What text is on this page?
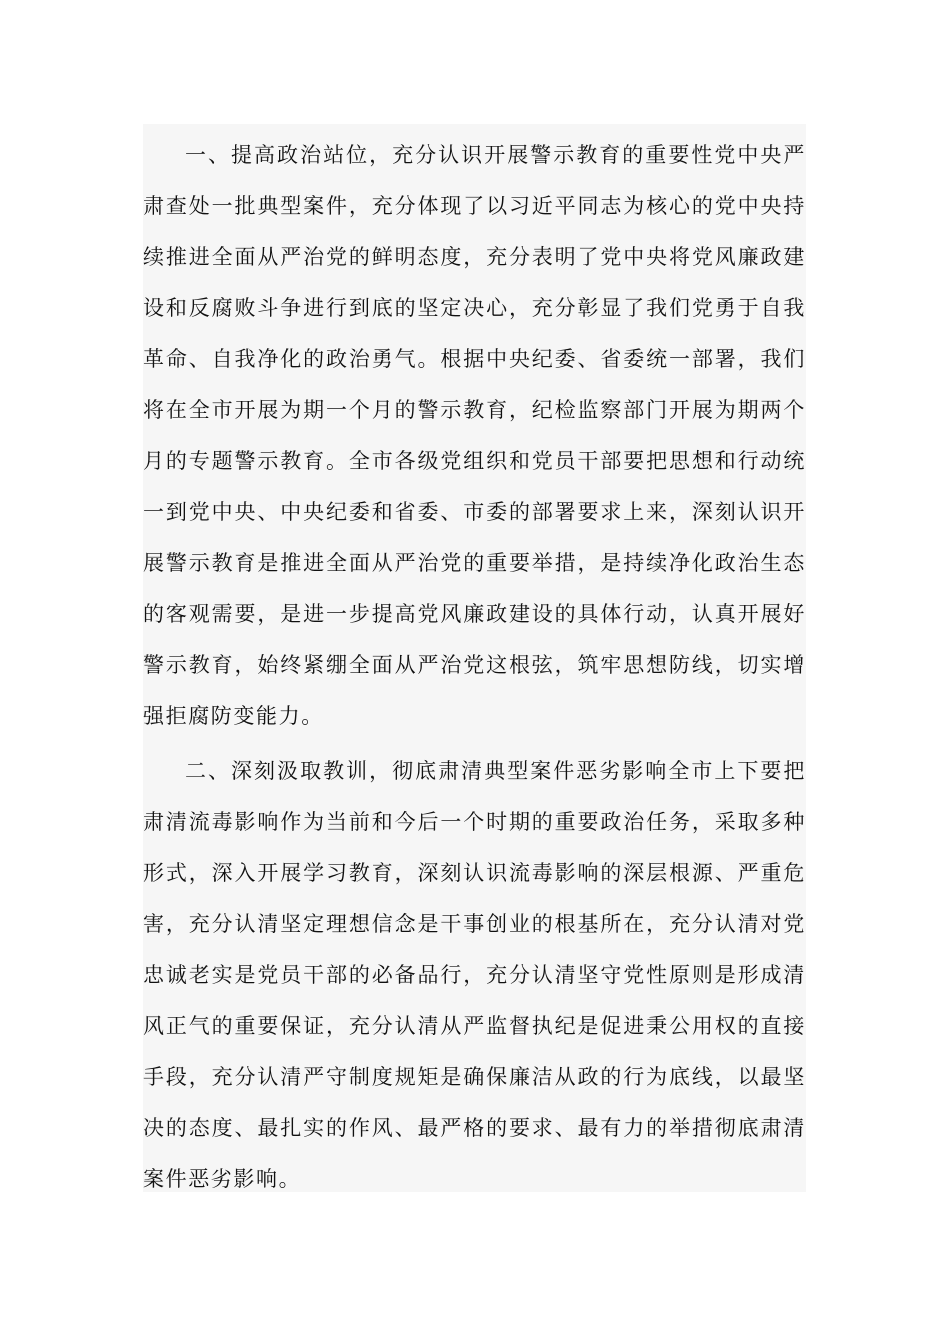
一、提高政治站位，充分认识开展警示教育的重要性党中央严肃查处一批典型案件，充分体现了以习近平同志为核心的党中央持续推进全面从严治党的鲜明态度，充分表明了党中央将党风廉政建设和反腐败斗争进行到底的坚定决心，充分彰显了我们党勇于自我革命、自我净化的政治勇气。根据中央纪委、省委统一部署，我们将在全市开展为期一个月的警示教育，纪检监察部门开展为期两个月的专题警示教育。全市各级党组织和党员干部要把思想和行动统一到党中央、中央纪委和省委、市委的部署要求上来，深刻认识开展警示教育是推进全面从严治党的重要举措，是持续净化政治生态的客观需要，是进一步提高党风廉政建设的具体行动，认真开展好警示教育，始终紧绷全面从严治党这根弦，筑牢思想防线，切实增强拒腐防变能力。

二、深刻汲取教训，彻底肃清典型案件恶劣影响全市上下要把肃清流毒影响作为当前和今后一个时期的重要政治任务，采取多种形式，深入开展学习教育，深刻认识流毒影响的深层根源、严重危害，充分认清坚定理想信念是干事创业的根基所在，充分认清对党忠诚老实是党员干部的必备品行，充分认清坚守党性原则是形成清风正气的重要保证，充分认清从严监督执纪是促进秉公用权的直接手段，充分认清严守制度规矩是确保廉洁从政的行为底线，以最坚决的态度、最扎实的作风、最严格的要求、最有力的举措彻底肃清案件恶劣影响。
